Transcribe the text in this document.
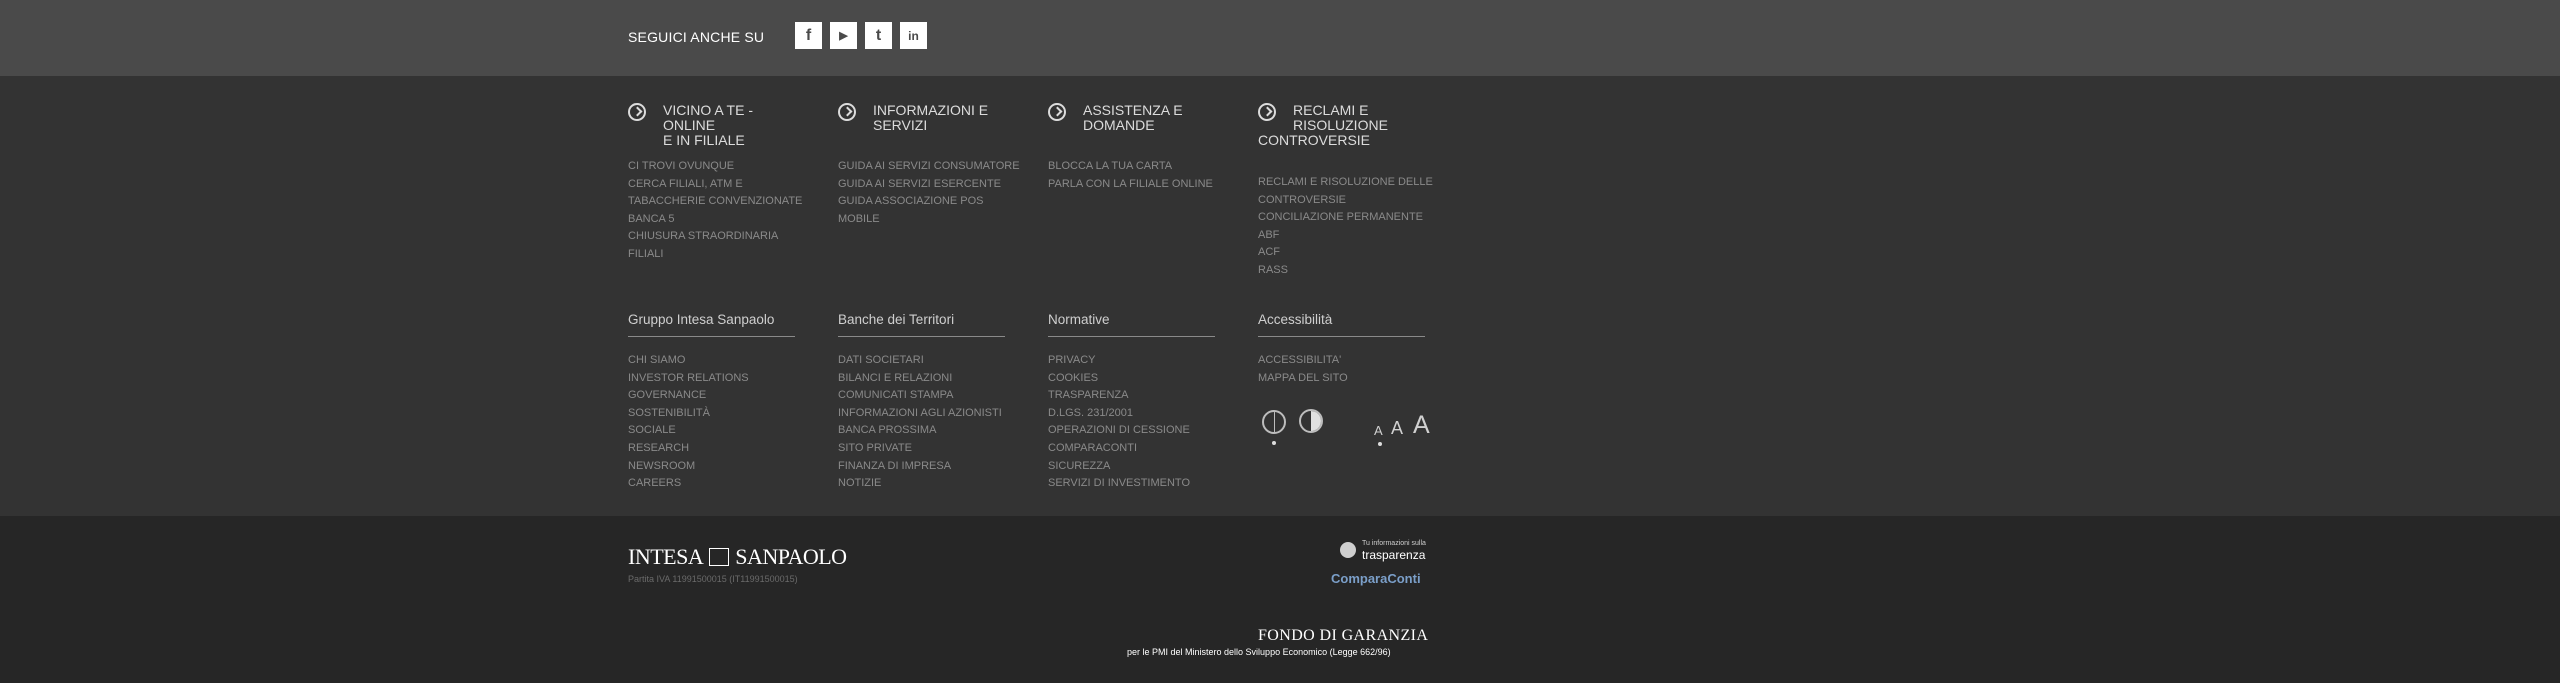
SEGUICI ANCHE SU	f	▶	t	in
VICINO A TE - ONLINE
E IN FILIALE
CI TROVI OVUNQUE
CERCA FILIALI, ATM E
TABACCHERIE CONVENZIONATE
BANCA 5
CHIUSURA STRAORDINARIA
FILIALI
INFORMAZIONI E
SERVIZI
GUIDA AI SERVIZI CONSUMATORE
GUIDA AI SERVIZI ESERCENTE
GUIDA ASSOCIAZIONE POS
MOBILE
ASSISTENZA E
DOMANDE
BLOCCA LA TUA CARTA
PARLA CON LA FILIALE ONLINE
RECLAMI E
RISOLUZIONE
CONTROVERSIE
RECLAMI E RISOLUZIONE DELLE
CONTROVERSIE
CONCILIAZIONE PERMANENTE
ABF
ACF
RASS
Gruppo Intesa Sanpaolo
CHI SIAMO
INVESTOR RELATIONS
GOVERNANCE
SOSTENIBILITÀ
SOCIALE
RESEARCH
NEWSROOM
CAREERS
Banche dei Territori
DATI SOCIETARI
BILANCI E RELAZIONI
COMUNICATI STAMPA
INFORMAZIONI AGLI AZIONISTI
BANCA PROSSIMA
SITO PRIVATE
FINANZA DI IMPRESA
NOTIZIE
Normative
PRIVACY
COOKIES
TRASPARENZA
D.LGS. 231/2001
OPERAZIONI DI CESSIONE
COMPARACONTI
SICUREZZA
SERVIZI DI INVESTIMENTO
Accessibilità
ACCESSIBILITA'
MAPPA DEL SITO
A A A
INTESA SANPAOLO
Partita IVA 11991500015 (IT11991500015)
Tu informazioni sulla
trasparenza
ComparaConti
FONDO DI GARANZIA
per le PMI del Ministero dello Sviluppo Economico (Legge 662/96)
